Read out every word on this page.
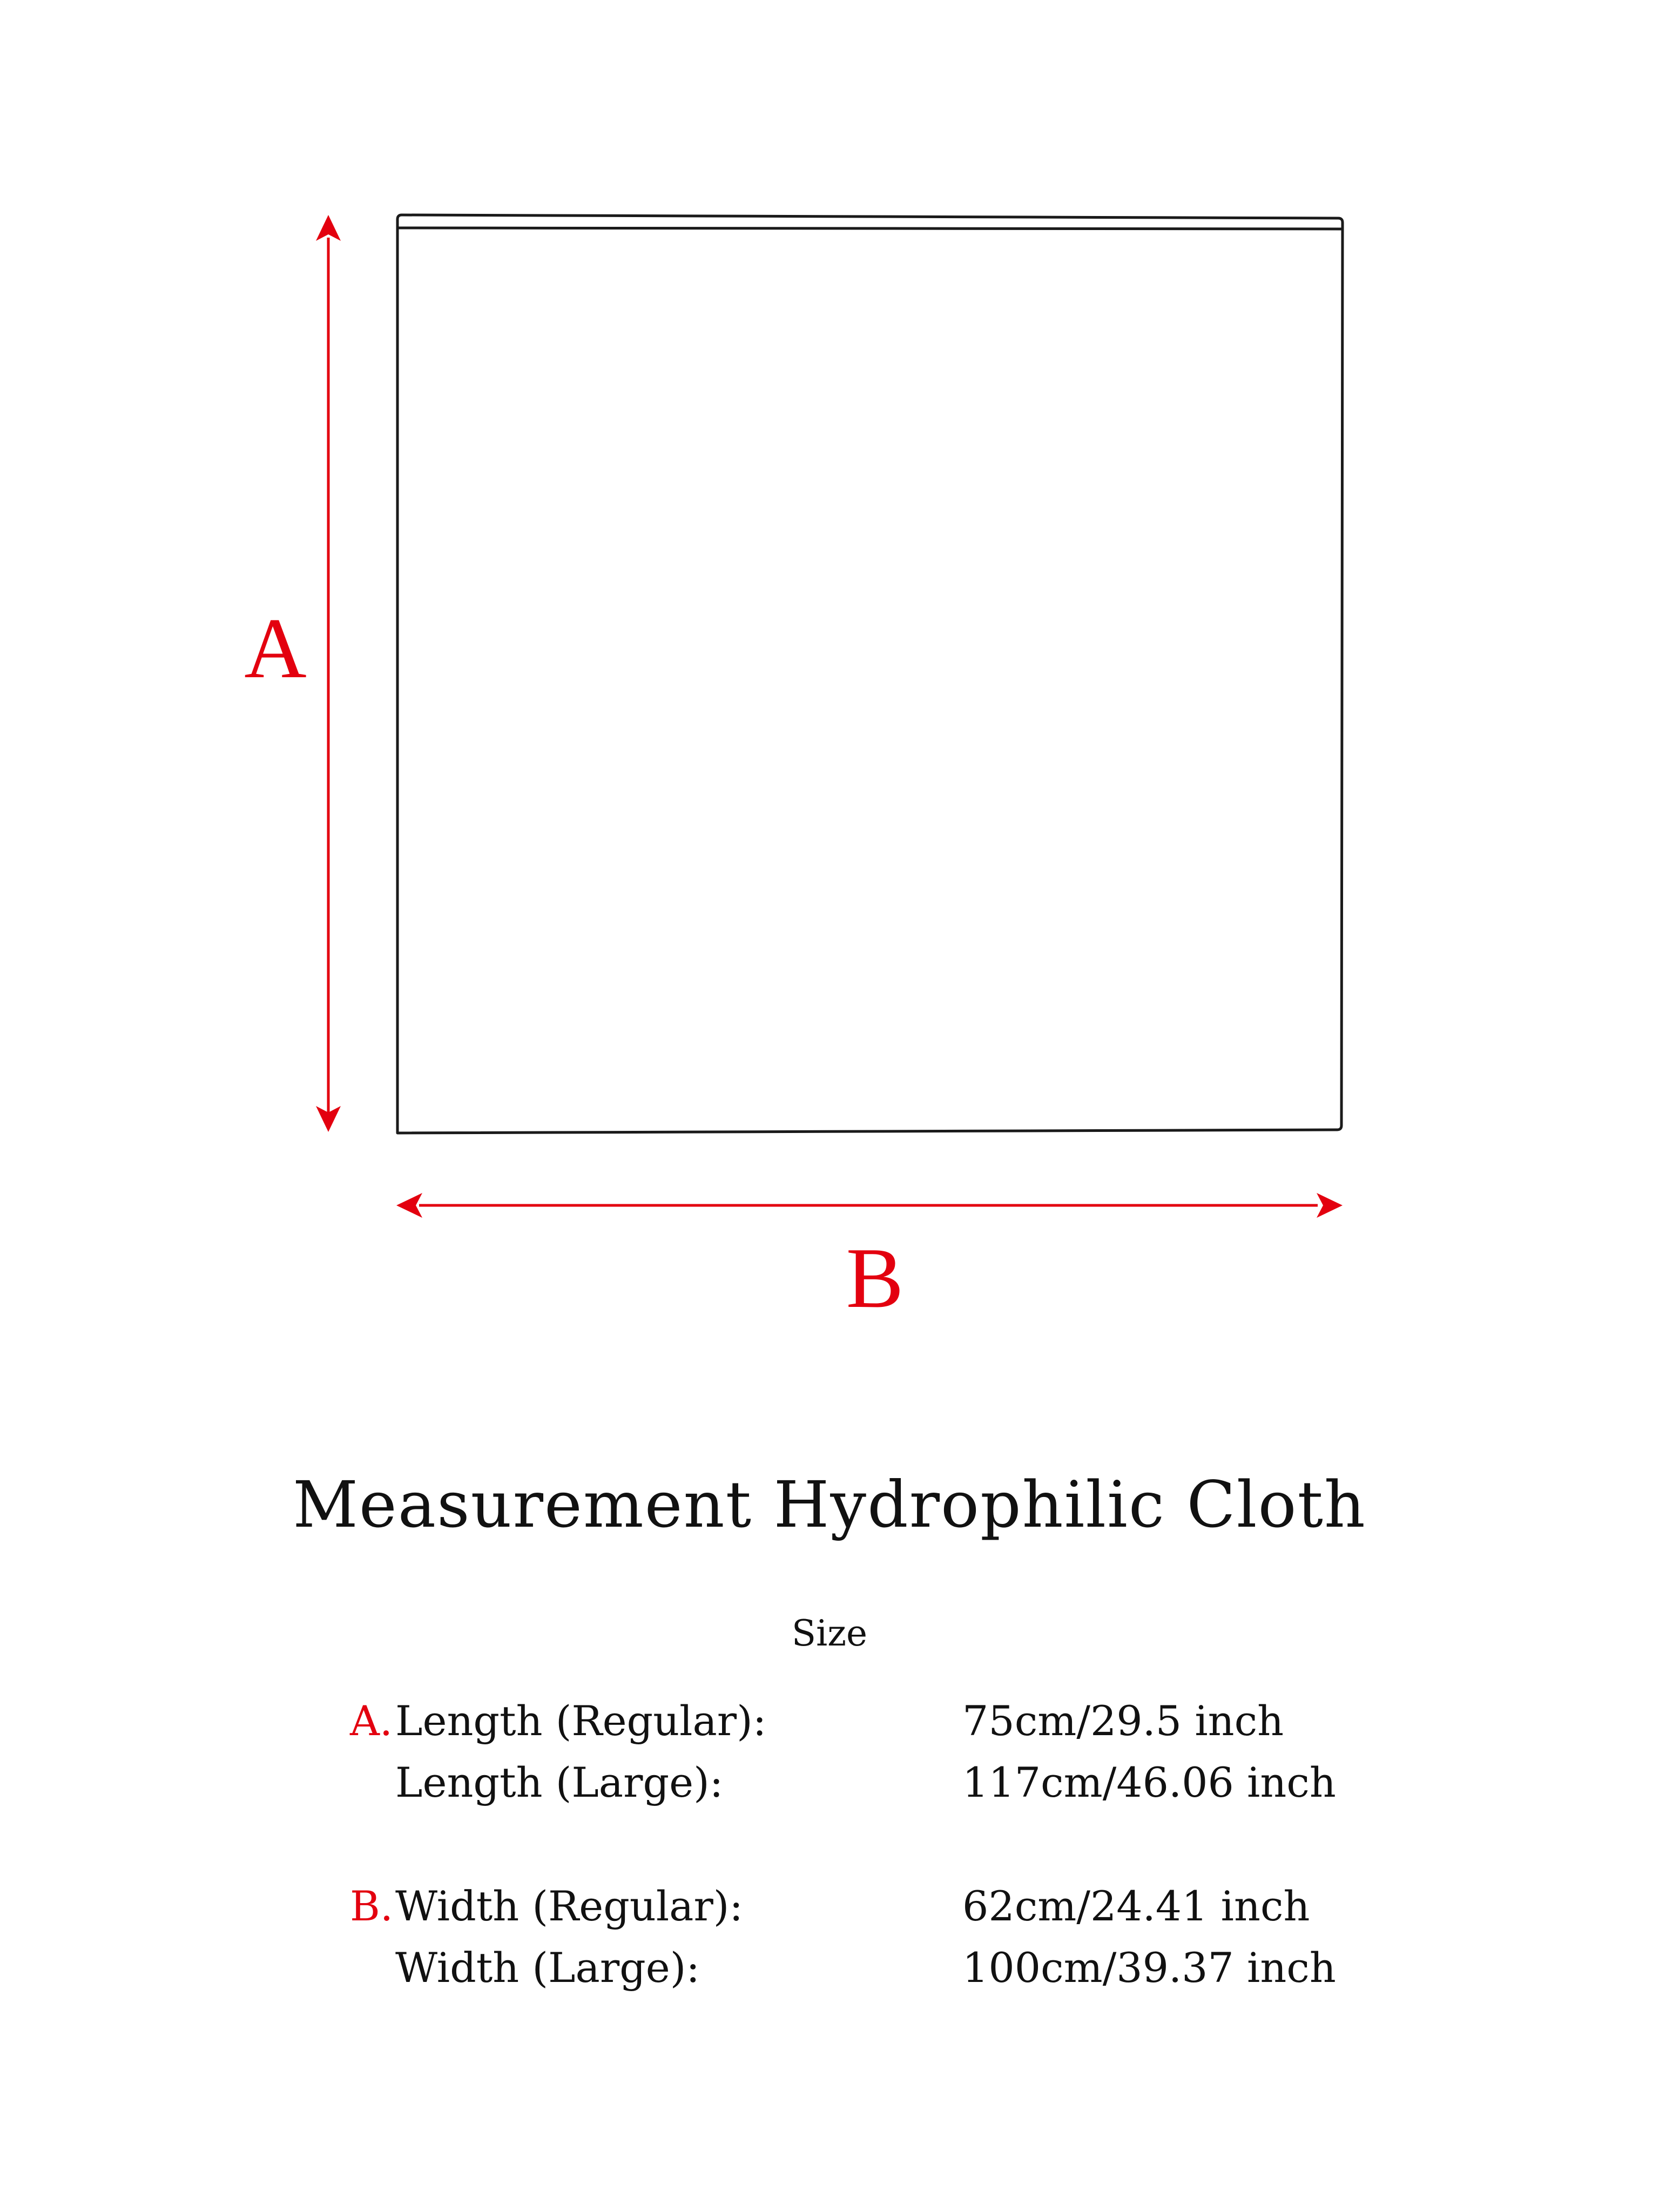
A
B
Measurement Hydrophilic Cloth
Size
A. Length (Regular):	75cm/29.5 inch
Length (Large):	117cm/46.06 inch
B. Width (Regular):	62cm/24.41 inch
Width (Large):	100cm/39.37 inch
